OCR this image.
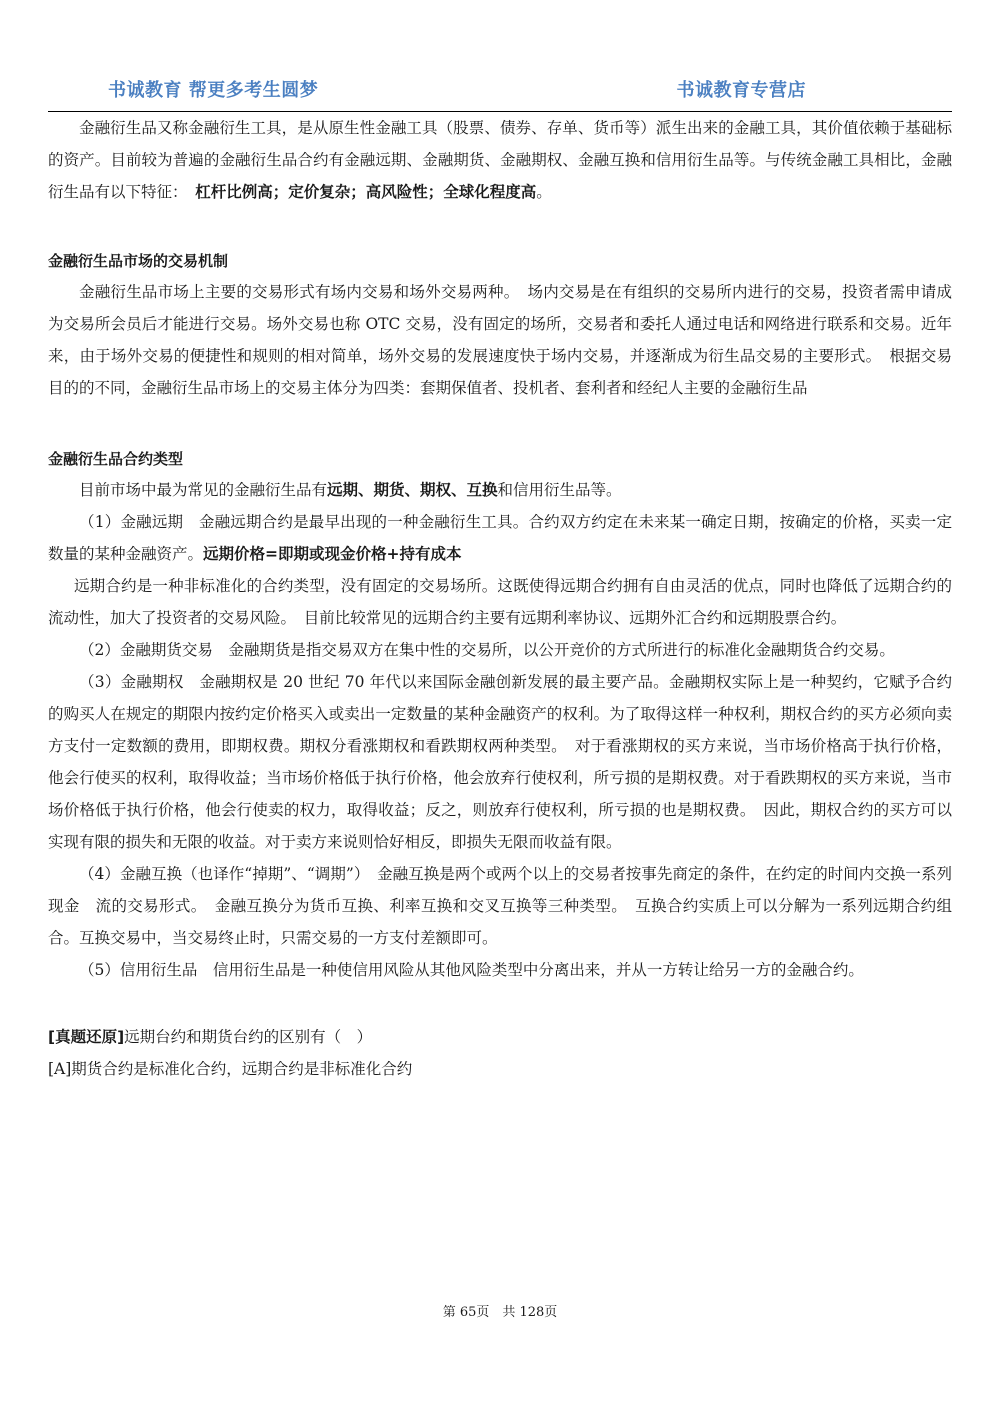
书诚教育 帮更多考生圆梦	书诚教育专营店

金融衍生品又称金融衍生工具，是从原生性金融工具（股票、债券、存单、货币等）派生出来的金融工具，其价值依赖于基础标的资产。目前较为普遍的金融衍生品合约有金融远期、金融期货、金融期权、金融互换和信用衍生品等。与传统金融工具相比，金融衍生品有以下特征：　 杠杆比例高；定价复杂；高风险性；全球化程度高。

金融衍生品市场的交易机制

金融衍生品市场上主要的交易形式有场内交易和场外交易两种。　场内交易是在有组织的交易所内进行的交易，投资者需申请成为交易所会员后才能进行交易。场外交易也称 OTC 交易，没有固定的场所，交易者和委托人通过电话和网络进行联系和交易。近年来，由于场外交易的便捷性和规则的相对简单，场外交易的发展速度快于场内交易，并逐渐成为衍生品交易的主要形式。　根据交易目的的不同，金融衍生品市场上的交易主体分为四类：套期保值者、投机者、套利者和经纪人主要的金融衍生品

金融衍生品合约类型

目前市场中最为常见的金融衍生品有远期、期货、期权、互换和信用衍生品等。

（1）金融远期　金融远期合约是最早出现的一种金融衍生工具。合约双方约定在未来某一确定日期，按确定的价格，买卖一定数量的某种金融资产。远期价格=即期或现金价格+持有成本

远期合约是一种非标准化的合约类型，没有固定的交易场所。这既使得远期合约拥有自由灵活的优点，同时也降低了远期合约的流动性，加大了投资者的交易风险。　目前比较常见的远期合约主要有远期利率协议、远期外汇合约和远期股票合约。

（2）金融期货交易　金融期货是指交易双方在集中性的交易所，以公开竞价的方式所进行的标准化金融期货合约交易。

（3）金融期权　金融期权是 20 世纪 70 年代以来国际金融创新发展的最主要产品。金融期权实际上是一种契约，它赋予合约的购买人在规定的期限内按约定价格买入或卖出一定数量的某种金融资产的权利。为了取得这样一种权利，期权合约的买方必须向卖方支付一定数额的费用，即期权费。期权分看涨期权和看跌期权两种类型。　对于看涨期权的买方来说，当市场价格高于执行价格，他会行使买的权利，取得收益；当市场价格低于执行价格，他会放弃行使权利，所亏损的是期权费。对于看跌期权的买方来说，当市场价格低于执行价格，他会行使卖的权力，取得收益；反之，则放弃行使权利，所亏损的也是期权费。　因此，期权合约的买方可以实现有限的损失和无限的收益。对于卖方来说则恰好相反，即损失无限而收益有限。

（4）金融互换（也译作“掉期”、“调期”）　金融互换是两个或两个以上的交易者按事先商定的条件，在约定的时间内交换一系列现金　流的交易形式。　金融互换分为货币互换、利率互换和交叉互换等三种类型。　互换合约实质上可以分解为一系列远期合约组合。互换交易中，当交易终止时，只需交易的一方支付差额即可。

（5）信用衍生品　信用衍生品是一种使信用风险从其他风险类型中分离出来，并从一方转让给另一方的金融合约。

[真题还原]远期台约和期货台约的区别有（　）

[A]期货合约是标准化合约，远期合约是非标准化合约

第 65页　共 128页
